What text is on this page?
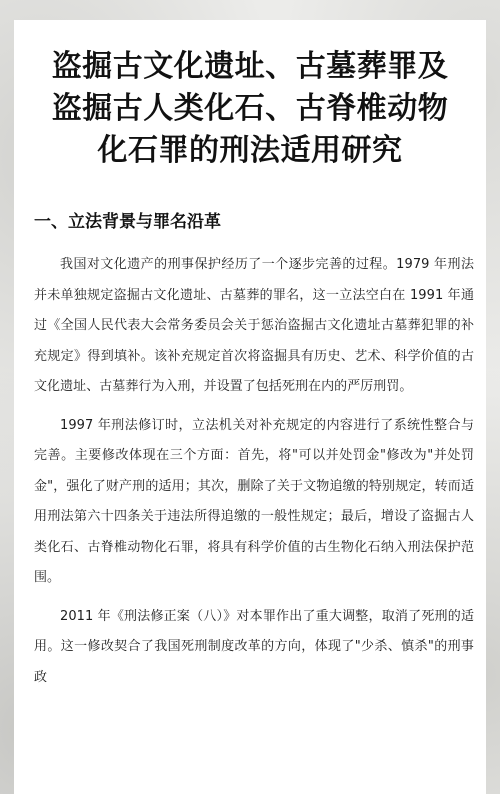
盗掘古文化遗址、古墓葬罪及
盗掘古人类化石、古脊椎动物
化石罪的刑法适用研究
一、立法背景与罪名沿革

我国对文化遗产的刑事保护经历了一个逐步完善的过程。1979 年刑法并未单独规定盗掘古文化遗址、古墓葬的罪名，这一立法空白在 1991 年通过《全国人民代表大会常务委员会关于惩治盗掘古文化遗址古墓葬犯罪的补充规定》得到填补。该补充规定首次将盗掘具有历史、艺术、科学价值的古文化遗址、古墓葬行为入刑，并设置了包括死刑在内的严厉刑罚。

1997 年刑法修订时，立法机关对补充规定的内容进行了系统性整合与完善。主要修改体现在三个方面：首先，将"可以并处罚金"修改为"并处罚金"，强化了财产刑的适用；其次，删除了关于文物追缴的特别规定，转而适用刑法第六十四条关于违法所得追缴的一般性规定；最后，增设了盗掘古人类化石、古脊椎动物化石罪，将具有科学价值的古生物化石纳入刑法保护范围。

2011 年《刑法修正案（八）》对本罪作出了重大调整，取消了死刑的适用。这一修改契合了我国死刑制度改革的方向，体现了"少杀、慎杀"的刑事政
